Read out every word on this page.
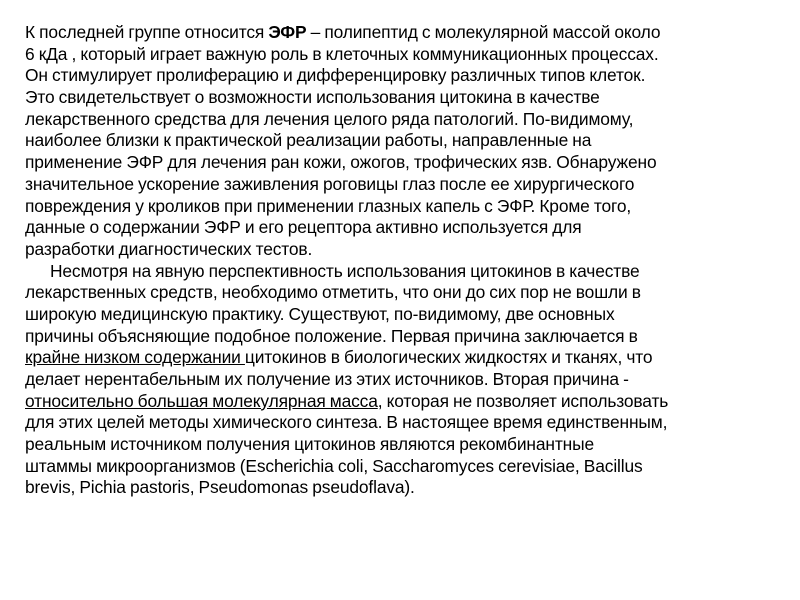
К последней группе относится ЭФР – полипептид с молекулярной массой около
6 кДа , который играет важную роль в клеточных коммуникационных процессах.
Он стимулирует пролиферацию и дифференцировку различных типов клеток.
Это свидетельствует о возможности использования цитокина в качестве
лекарственного средства для лечения целого ряда патологий. По-видимому,
наиболее близки к практической реализации работы, направленные на
применение ЭФР для лечения ран кожи, ожогов, трофических язв. Обнаружено
значительное ускорение заживления роговицы глаз после ее хирургического
повреждения у кроликов при применении глазных капель с ЭФР. Кроме того,
данные о содержании ЭФР и его рецептора активно используется для
разработки диагностических тестов.
Несмотря на явную перспективность использования цитокинов в качестве
лекарственных средств, необходимо отметить, что они до сих пор не вошли в
широкую медицинскую практику. Существуют, по-видимому, две основных
причины объясняющие подобное положение. Первая причина заключается в
крайне низком содержании цитокинов в биологических жидкостях и тканях, что
делает нерентабельным их получение из этих источников. Вторая причина -
относительно большая молекулярная масса, которая не позволяет использовать
для этих целей методы химического синтеза. В настоящее время единственным,
реальным источником получения цитокинов являются рекомбинантные
штаммы микроорганизмов (Escherichia coli, Saccharomyces cerevisiae, Bacillus
brevis, Pichia pastoris, Pseudomonas pseudoflava).
